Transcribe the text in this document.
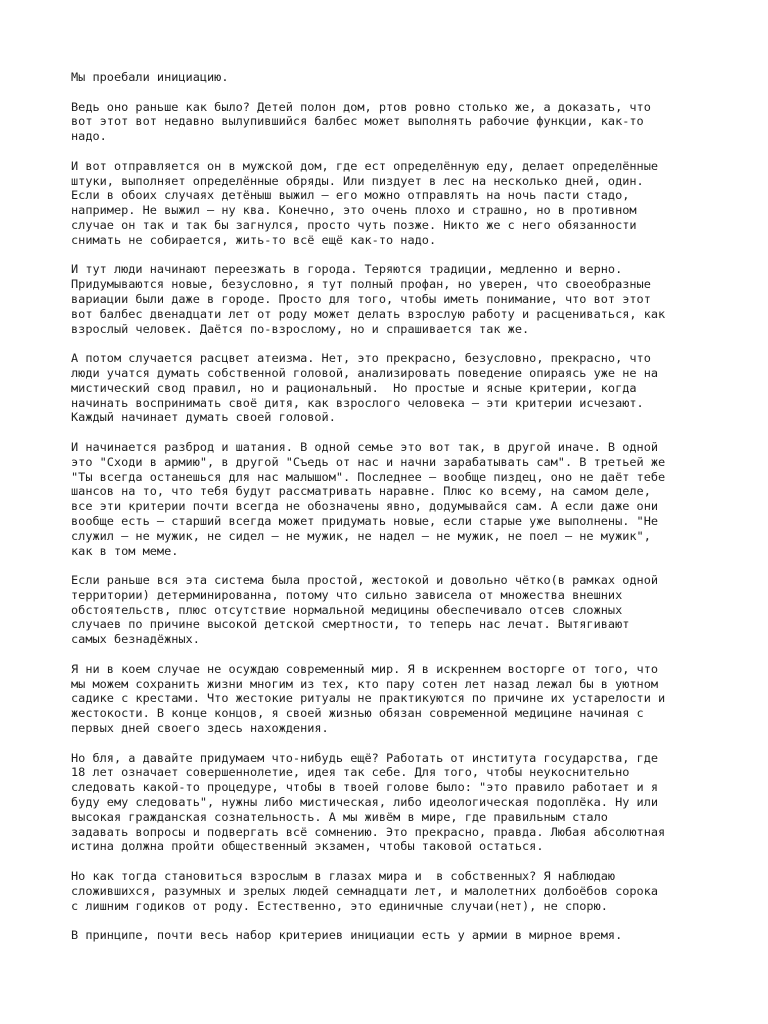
Мы проебали инициацию.
Ведь оно раньше как было? Детей полон дом, ртов ровно столько же, а доказать, что
вот этот вот недавно вылупившийся балбес может выполнять рабочие функции, как-то
надо.
И вот отправляется он в мужской дом, где ест определённую еду, делает определённые
штуки, выполняет определённые обряды. Или пиздует в лес на несколько дней, один.
Если в обоих случаях детёныш выжил — его можно отправлять на ночь пасти стадо,
например. Не выжил — ну ква. Конечно, это очень плохо и страшно, но в противном
случае он так и так бы загнулся, просто чуть позже. Никто же с него обязанности
снимать не собирается, жить-то всё ещё как-то надо.
И тут люди начинают переезжать в города. Теряются традиции, медленно и верно.
Придумываются новые, безусловно, я тут полный профан, но уверен, что своеобразные
вариации были даже в городе. Просто для того, чтобы иметь понимание, что вот этот
вот балбес двенадцати лет от роду может делать взрослую работу и расцениваться, как
взрослый человек. Даётся по-взрослому, но и спрашивается так же.
А потом случается расцвет атеизма. Нет, это прекрасно, безусловно, прекрасно, что
люди учатся думать собственной головой, анализировать поведение опираясь уже не на
мистический свод правил, но и рациональный.  Но простые и ясные критерии, когда
начинать воспринимать своё дитя, как взрослого человека — эти критерии исчезают.
Каждый начинает думать своей головой.
И начинается разброд и шатания. В одной семье это вот так, в другой иначе. В одной
это "Сходи в армию", в другой "Съедь от нас и начни зарабатывать сам". В третьей же
"Ты всегда останешься для нас малышом". Последнее — вообще пиздец, оно не даёт тебе
шансов на то, что тебя будут рассматривать наравне. Плюс ко всему, на самом деле,
все эти критерии почти всегда не обозначены явно, додумывайся сам. А если даже они
вообще есть — старший всегда может придумать новые, если старые уже выполнены. "Не
служил — не мужик, не сидел — не мужик, не надел — не мужик, не поел — не мужик",
как в том меме.
Если раньше вся эта система была простой, жестокой и довольно чётко(в рамках одной
территории) детерминированна, потому что сильно зависела от множества внешних
обстоятельств, плюс отсутствие нормальной медицины обеспечивало отсев сложных
случаев по причине высокой детской смертности, то теперь нас лечат. Вытягивают
самых безнадёжных.
Я ни в коем случае не осуждаю современный мир. Я в искреннем восторге от того, что
мы можем сохранить жизни многим из тех, кто пару сотен лет назад лежал бы в уютном
садике с крестами. Что жестокие ритуалы не практикуются по причине их устарелости и
жестокости. В конце концов, я своей жизнью обязан современной медицине начиная с
первых дней своего здесь нахождения.
Но бля, а давайте придумаем что-нибудь ещё? Работать от института государства, где
18 лет означает совершеннолетие, идея так себе. Для того, чтобы неукоснительно
следовать какой-то процедуре, чтобы в твоей голове было: "это правило работает и я
буду ему следовать", нужны либо мистическая, либо идеологическая подоплёка. Ну или
высокая гражданская сознательность. А мы живём в мире, где правильным стало
задавать вопросы и подвергать всё сомнению. Это прекрасно, правда. Любая абсолютная
истина должна пройти общественный экзамен, чтобы таковой остаться.
Но как тогда становиться взрослым в глазах мира и  в собственных? Я наблюдаю
сложившихся, разумных и зрелых людей семнадцати лет, и малолетних долбоёбов сорока
с лишним годиков от роду. Естественно, это единичные случаи(нет), не спорю.
В принципе, почти весь набор критериев инициации есть у армии в мирное время.
